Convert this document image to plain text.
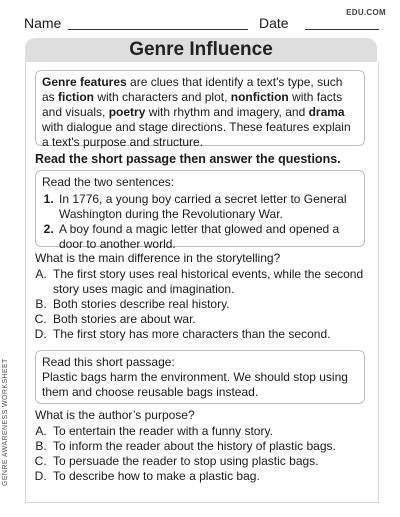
Name	Date
EDU.COM
Genre Influence
Genre features are clues that identify a text's type, such as fiction with characters and plot, nonfiction with facts and visuals, poetry with rhythm and imagery, and drama with dialogue and stage directions. These features explain a text's purpose and structure.
Read the short passage then answer the questions.
Read the two sentences:
1. In 1776, a young boy carried a secret letter to General Washington during the Revolutionary War.
2. A boy found a magic letter that glowed and opened a door to another world.
What is the main difference in the storytelling?
A. The first story uses real historical events, while the second story uses magic and imagination.
B. Both stories describe real history.
C. Both stories are about war.
D. The first story has more characters than the second.
Read this short passage:
Plastic bags harm the environment. We should stop using them and choose reusable bags instead.
What is the author’s purpose?
A. To entertain the reader with a funny story.
B. To inform the reader about the history of plastic bags.
C. To persuade the reader to stop using plastic bags.
D. To describe how to make a plastic bag.
GENRE AWARENESS WORKSHEET
